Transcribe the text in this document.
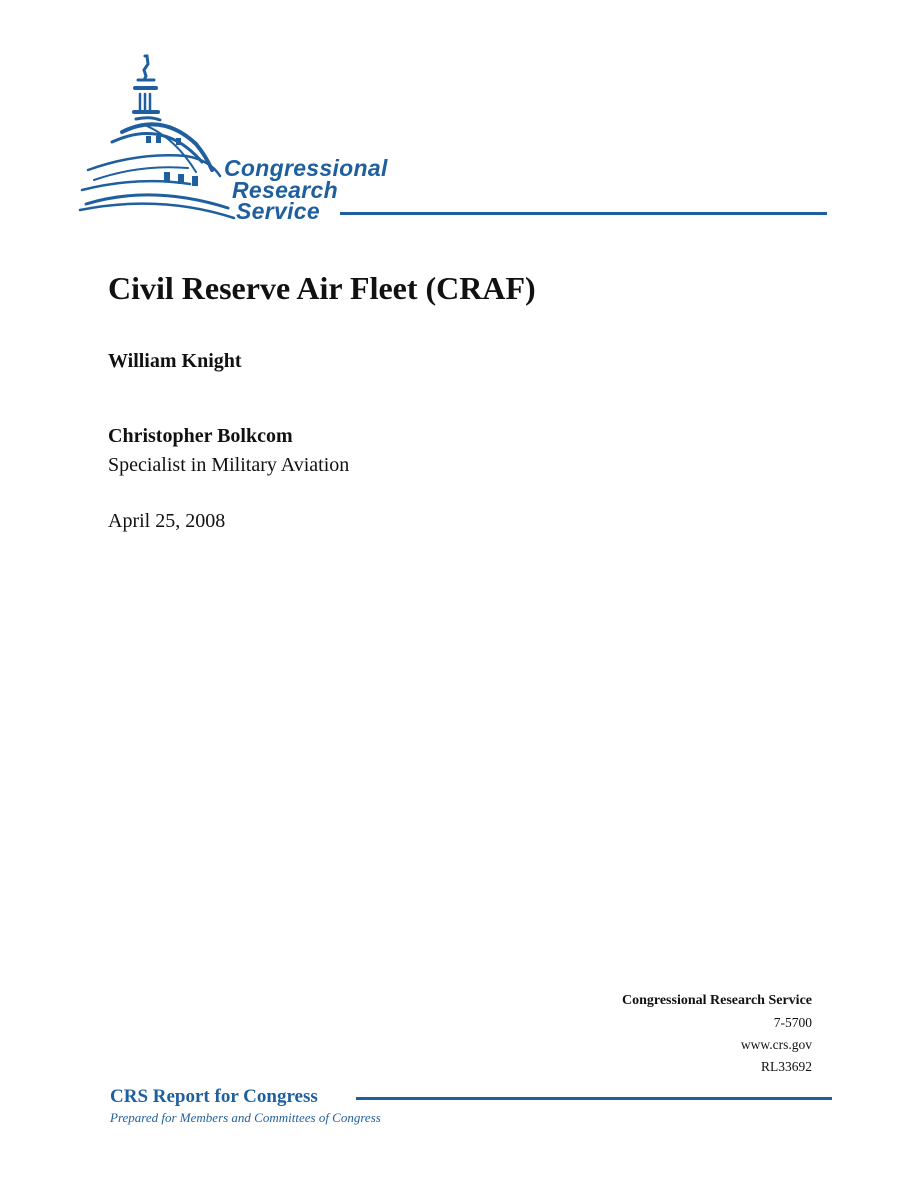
Congressional
Research
Service
Civil Reserve Air Fleet (CRAF)
William Knight
Christopher Bolkcom
Specialist in Military Aviation
April 25, 2008
Congressional Research Service
7-5700
www.crs.gov
RL33692
CRS Report for Congress
Prepared for Members and Committees of Congress
